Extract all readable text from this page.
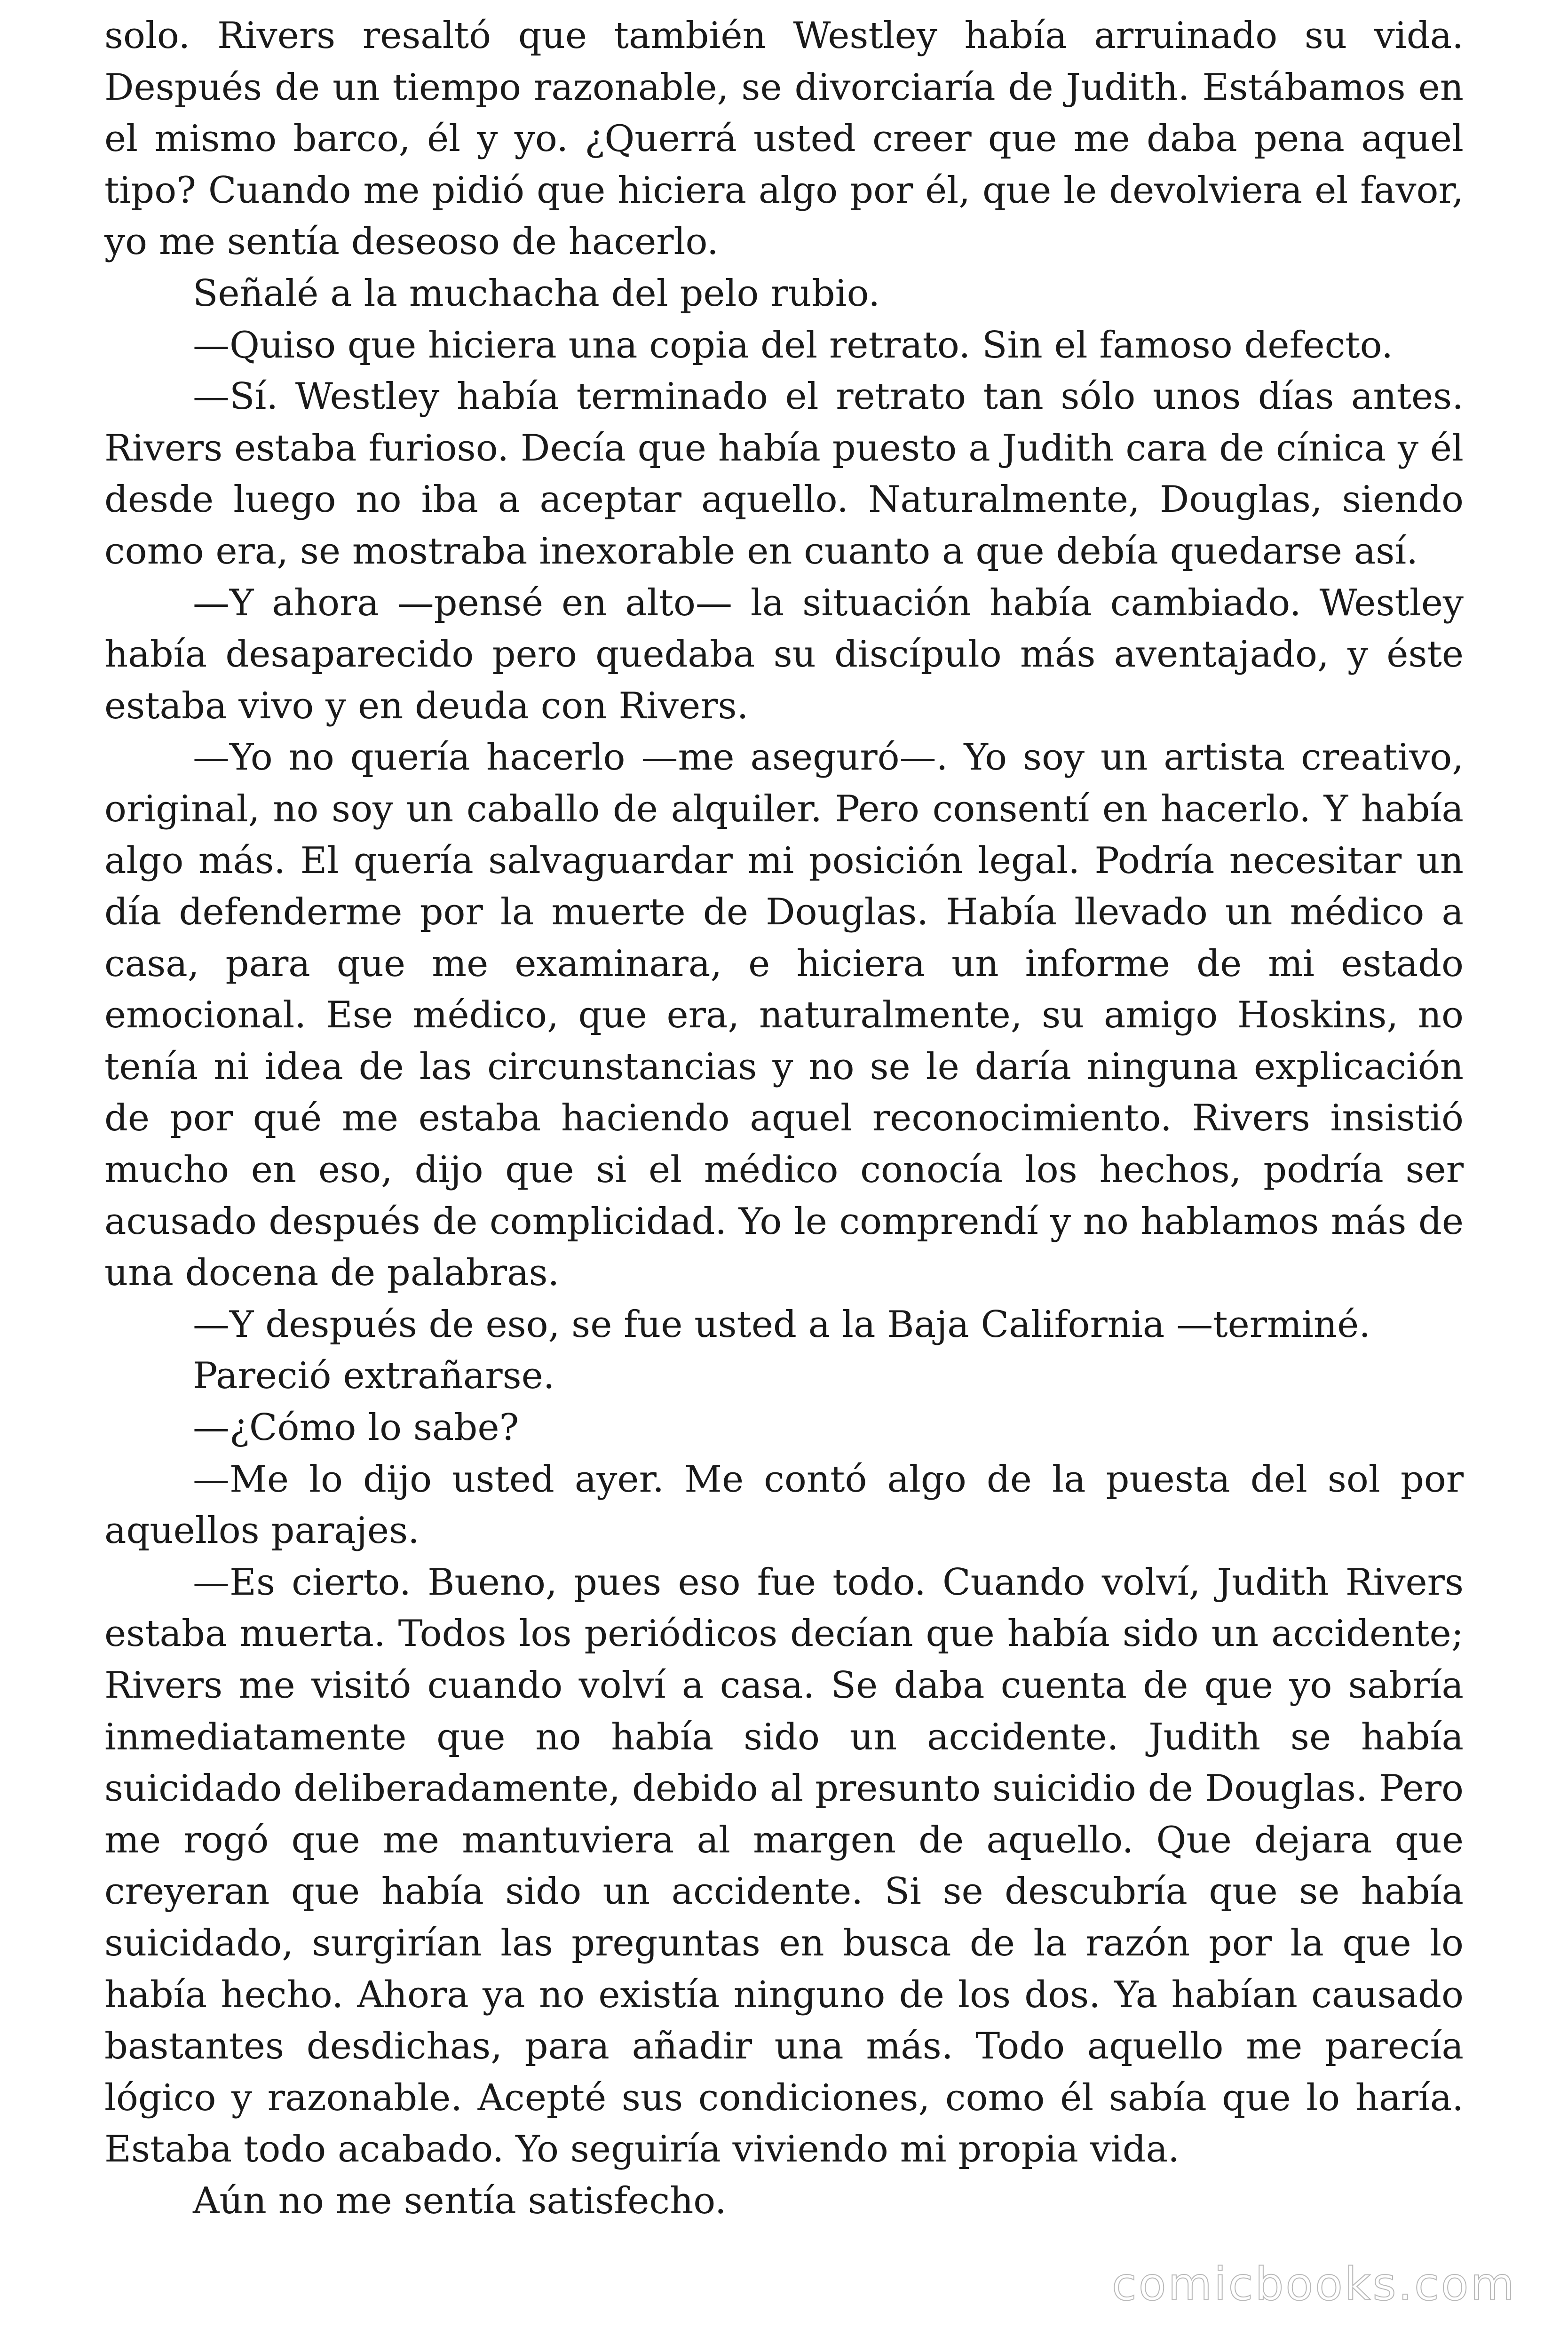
solo. Rivers resaltó que también Westley había arruinado su vida. Después de un tiempo razonable, se divorciaría de Judith. Estábamos en el mismo barco, él y yo. ¿Querrá usted creer que me daba pena aquel tipo? Cuando me pidió que hiciera algo por él, que le devolviera el favor, yo me sentía deseoso de hacerlo.

Señalé a la muchacha del pelo rubio.

—Quiso que hiciera una copia del retrato. Sin el famoso defecto.

—Sí. Westley había terminado el retrato tan sólo unos días antes. Rivers estaba furioso. Decía que había puesto a Judith cara de cínica y él desde luego no iba a aceptar aquello. Naturalmente, Douglas, siendo como era, se mostraba inexorable en cuanto a que debía quedarse así.

—Y ahora —pensé en alto— la situación había cambiado. Westley había desaparecido pero quedaba su discípulo más aventajado, y éste estaba vivo y en deuda con Rivers.

—Yo no quería hacerlo —me aseguró—. Yo soy un artista creativo, original, no soy un caballo de alquiler. Pero consentí en hacerlo. Y había algo más. El quería salvaguardar mi posición legal. Podría necesitar un día defenderme por la muerte de Douglas. Había llevado un médico a casa, para que me examinara, e hiciera un informe de mi estado emocional. Ese médico, que era, naturalmente, su amigo Hoskins, no tenía ni idea de las circunstancias y no se le daría ninguna explicación de por qué me estaba haciendo aquel reconocimiento. Rivers insistió mucho en eso, dijo que si el médico conocía los hechos, podría ser acusado después de complicidad. Yo le comprendí y no hablamos más de una docena de palabras.

—Y después de eso, se fue usted a la Baja California —terminé.

Pareció extrañarse.

—¿Cómo lo sabe?

—Me lo dijo usted ayer. Me contó algo de la puesta del sol por aquellos parajes.

—Es cierto. Bueno, pues eso fue todo. Cuando volví, Judith Rivers estaba muerta. Todos los periódicos decían que había sido un accidente; Rivers me visitó cuando volví a casa. Se daba cuenta de que yo sabría inmediatamente que no había sido un accidente. Judith se había suicidado deliberadamente, debido al presunto suicidio de Douglas. Pero me rogó que me mantuviera al margen de aquello. Que dejara que creyeran que había sido un accidente. Si se descubría que se había suicidado, surgirían las preguntas en busca de la razón por la que lo había hecho. Ahora ya no existía ninguno de los dos. Ya habían causado bastantes desdichas, para añadir una más. Todo aquello me parecía lógico y razonable. Acepté sus condiciones, como él sabía que lo haría. Estaba todo acabado. Yo seguiría viviendo mi propia vida.

Aún no me sentía satisfecho.

comicbooks.com
